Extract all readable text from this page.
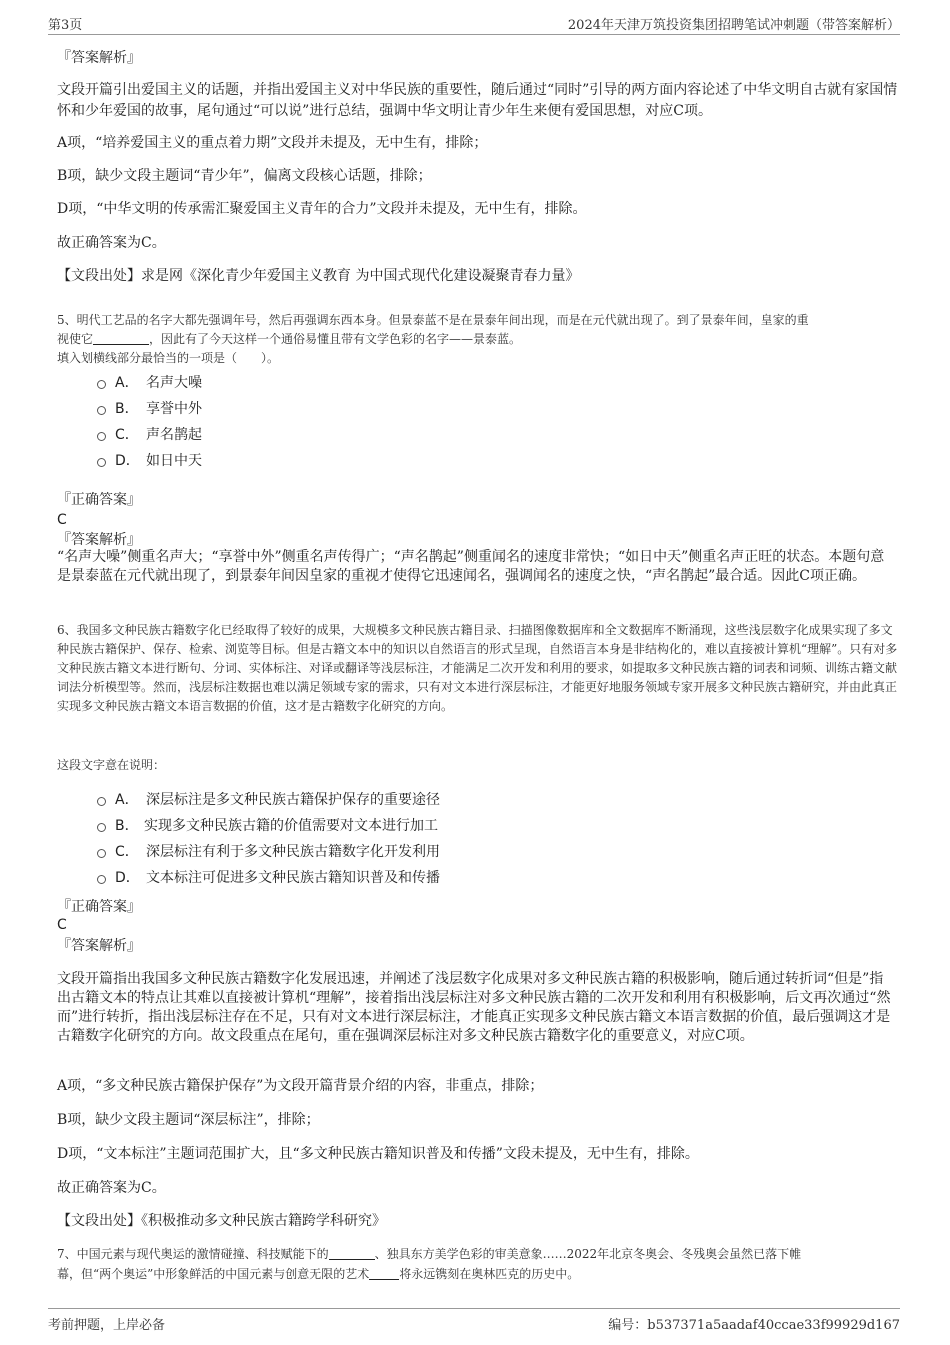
第3页	2024年天津万筑投资集团招聘笔试冲刺题（带答案解析）
『答案解析』
文段开篇引出爱国主义的话题，并指出爱国主义对中华民族的重要性，随后通过“同时”引导的两方面内容论述了中华文明自古就有家国情怀和少年爱国的故事，尾句通过“可以说”进行总结，强调中华文明让青少年生来便有爱国思想，对应C项。
A项，“培养爱国主义的重点着力期”文段并未提及，无中生有，排除；
B项，缺少文段主题词“青少年”，偏离文段核心话题，排除；
D项，“中华文明的传承需汇聚爱国主义青年的合力”文段并未提及，无中生有，排除。
故正确答案为C。
【文段出处】求是网《深化青少年爱国主义教育 为中国式现代化建设凝聚青春力量》
5、明代工艺品的名字大都先强调年号，然后再强调东西本身。但景泰蓝不是在景泰年间出现，而是在元代就出现了。到了景泰年间，皇家的重
视使它	，因此有了今天这样一个通俗易懂且带有文学色彩的名字——景泰蓝。
填入划横线部分最恰当的一项是（　　）。
A． 名声大噪
B． 享誉中外
C． 声名鹊起
D． 如日中天
『正确答案』
C
『答案解析』
“名声大噪”侧重名声大；“享誉中外”侧重名声传得广；“声名鹊起”侧重闻名的速度非常快；“如日中天”侧重名声正旺的状态。本题句意是景泰蓝在元代就出现了，到景泰年间因皇家的重视才使得它迅速闻名，强调闻名的速度之快，“声名鹊起”最合适。因此C项正确。
6、我国多文种民族古籍数字化已经取得了较好的成果，大规模多文种民族古籍目录、扫描图像数据库和全文数据库不断涌现，这些浅层数字化成果实现了多文种民族古籍保护、保存、检索、浏览等目标。但是古籍文本中的知识以自然语言的形式呈现，自然语言本身是非结构化的，难以直接被计算机“理解”。只有对多文种民族古籍文本进行断句、分词、实体标注、对译或翻译等浅层标注，才能满足二次开发和利用的要求，如提取多文种民族古籍的词表和词频、训练古籍文献词法分析模型等。然而，浅层标注数据也难以满足领域专家的需求，只有对文本进行深层标注，才能更好地服务领域专家开展多文种民族古籍研究，并由此真正实现多文种民族古籍文本语言数据的价值，这才是古籍数字化研究的方向。
这段文字意在说明：
A． 深层标注是多文种民族古籍保护保存的重要途径
B． 实现多文种民族古籍的价值需要对文本进行加工
C． 深层标注有利于多文种民族古籍数字化开发利用
D． 文本标注可促进多文种民族古籍知识普及和传播
『正确答案』
C
『答案解析』
文段开篇指出我国多文种民族古籍数字化发展迅速，并阐述了浅层数字化成果对多文种民族古籍的积极影响，随后通过转折词“但是”指出古籍文本的特点让其难以直接被计算机“理解”，接着指出浅层标注对多文种民族古籍的二次开发和利用有积极影响，后文再次通过“然而”进行转折，指出浅层标注存在不足，只有对文本进行深层标注，才能真正实现多文种民族古籍文本语言数据的价值，最后强调这才是古籍数字化研究的方向。故文段重点在尾句，重在强调深层标注对多文种民族古籍数字化的重要意义，对应C项。
A项，“多文种民族古籍保护保存”为文段开篇背景介绍的内容，非重点，排除；
B项，缺少文段主题词“深层标注”，排除；
D项，“文本标注”主题词范围扩大，且“多文种民族古籍知识普及和传播”文段未提及，无中生有，排除。
故正确答案为C。
【文段出处】《积极推动多文种民族古籍跨学科研究》
7、中国元素与现代奥运的激情碰撞、科技赋能下的	、独具东方美学色彩的审美意象……2022年北京冬奥会、冬残奥会虽然已落下帷
幕，但“两个奥运”中形象鲜活的中国元素与创意无限的艺术	将永远镌刻在奥林匹克的历史中。
考前押题，上岸必备	编号：b537371a5aadaf40ccae33f99929d167
